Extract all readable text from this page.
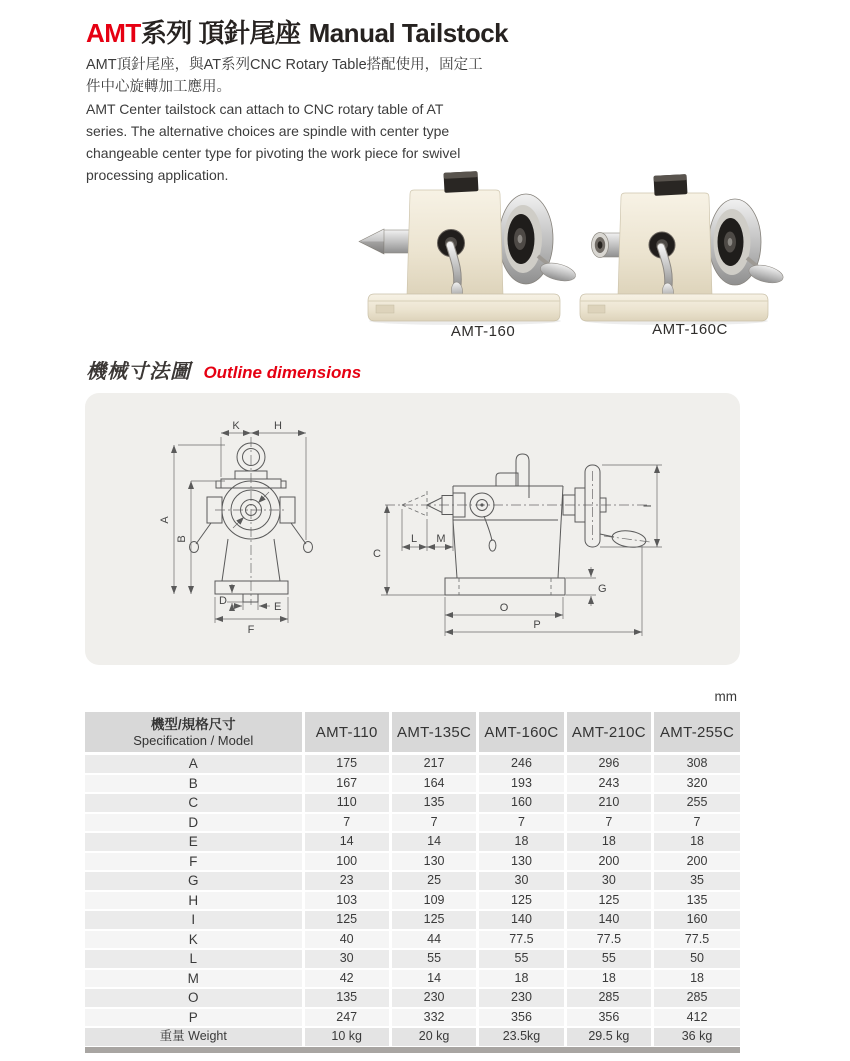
AMT系列 頂針尾座 Manual Tailstock
AMT頂針尾座，與AT系列CNC Rotary Table搭配使用，固定工
件中心旋轉加工應用。
AMT Center tailstock can attach to CNC rotary table of AT
series. The alternative choices are spindle with center type
changeable center type for pivoting the work piece for swivel
processing application.
AMT-160	AMT-160C
機械寸法圖 Outline dimensions
K	H
A
B
D	E
F
C
L M
I
G
O
P
mm
機型/規格尺寸
Specification / Model	AMT-110	AMT-135C	AMT-160C	AMT-210C	AMT-255C
A	175	217	246	296	308
B	167	164	193	243	320
C	110	135	160	210	255
D	7	7	7	7	7
E	14	14	18	18	18
F	100	130	130	200	200
G	23	25	30	30	35
H	103	109	125	125	135
I	125	125	140	140	160
K	40	44	77.5	77.5	77.5
L	30	55	55	55	50
M	42	14	18	18	18
O	135	230	230	285	285
P	247	332	356	356	412
重量 Weight	10 kg	20 kg	23.5kg	29.5 kg	36 kg
